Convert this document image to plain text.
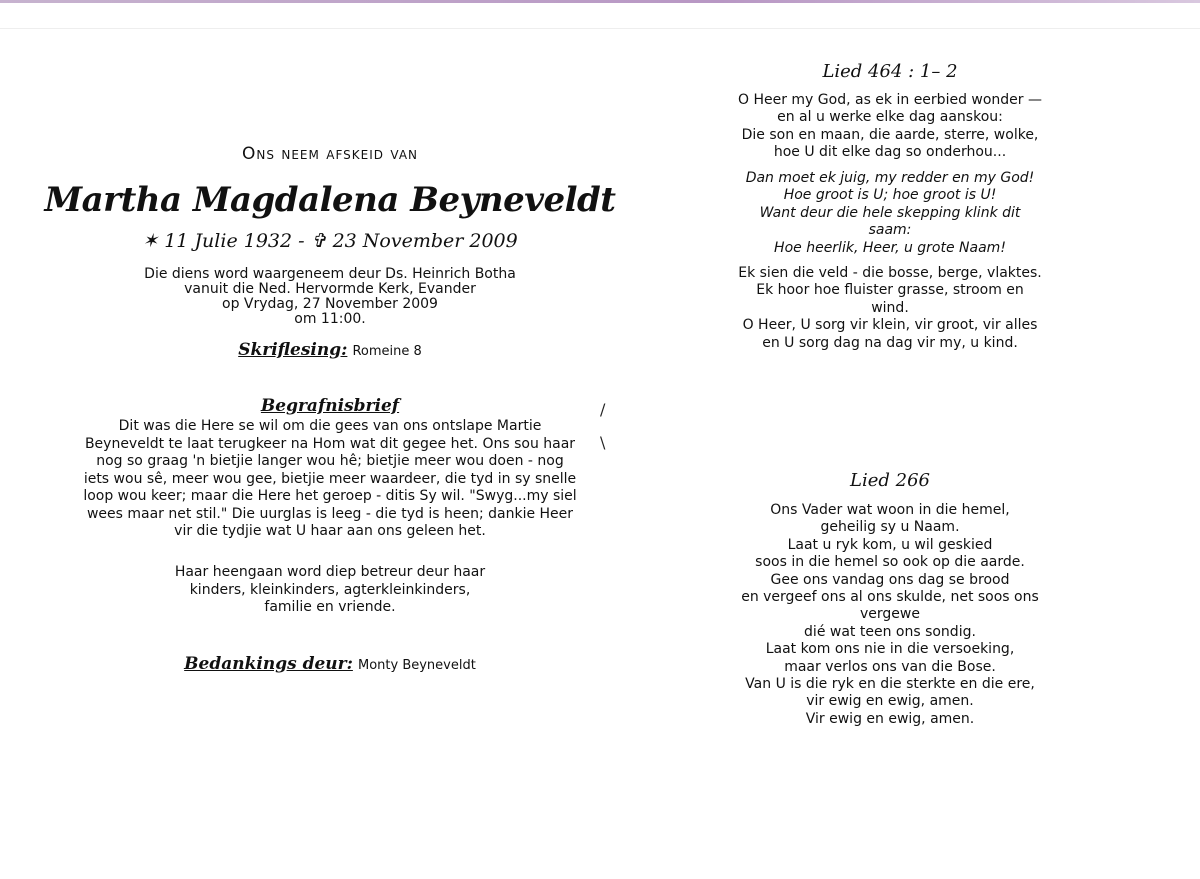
/
\
Ons neem afskeid van
Martha Magdalena Beyneveldt
✶ 11 Julie 1932 - ✞ 23 November 2009
Die diens word waargeneem deur Ds. Heinrich Botha
vanuit die Ned. Hervormde Kerk, Evander
op Vrydag, 27 November 2009
om 11:00.
Skriflesing: Romeine 8
Begrafnisbrief
Dit was die Here se wil om die gees van ons ontslape Martie
Beyneveldt te laat terugkeer na Hom wat dit gegee het. Ons sou haar
nog so graag 'n bietjie langer wou hê; bietjie meer wou doen - nog
iets wou sê, meer wou gee, bietjie meer waardeer, die tyd in sy snelle
loop wou keer; maar die Here het geroep - ditis Sy wil. "Swyg...my siel
wees maar net stil." Die uurglas is leeg - die tyd is heen; dankie Heer
vir die tydjie wat U haar aan ons geleen het.
Haar heengaan word diep betreur deur haar
kinders, kleinkinders, agterkleinkinders,
familie en vriende.
Bedankings deur: Monty Beyneveldt
Lied 464 : 1– 2
O Heer my God, as ek in eerbied wonder —
en al u werke elke dag aanskou:
Die son en maan, die aarde, sterre, wolke,
hoe U dit elke dag so onderhou...
Dan moet ek juig, my redder en my God!
Hoe groot is U; hoe groot is U!
Want deur die hele skepping klink dit
saam:
Hoe heerlik, Heer, u grote Naam!
Ek sien die veld - die bosse, berge, vlaktes.
Ek hoor hoe fluister grasse, stroom en
wind.
O Heer, U sorg vir klein, vir groot, vir alles
en U sorg dag na dag vir my, u kind.
Lied 266
Ons Vader wat woon in die hemel,
geheilig sy u Naam.
Laat u ryk kom, u wil geskied
soos in die hemel so ook op die aarde.
Gee ons vandag ons dag se brood
en vergeef ons al ons skulde, net soos ons
vergewe
dié wat teen ons sondig.
Laat kom ons nie in die versoeking,
maar verlos ons van die Bose.
Van U is die ryk en die sterkte en die ere,
vir ewig en ewig, amen.
Vir ewig en ewig, amen.
